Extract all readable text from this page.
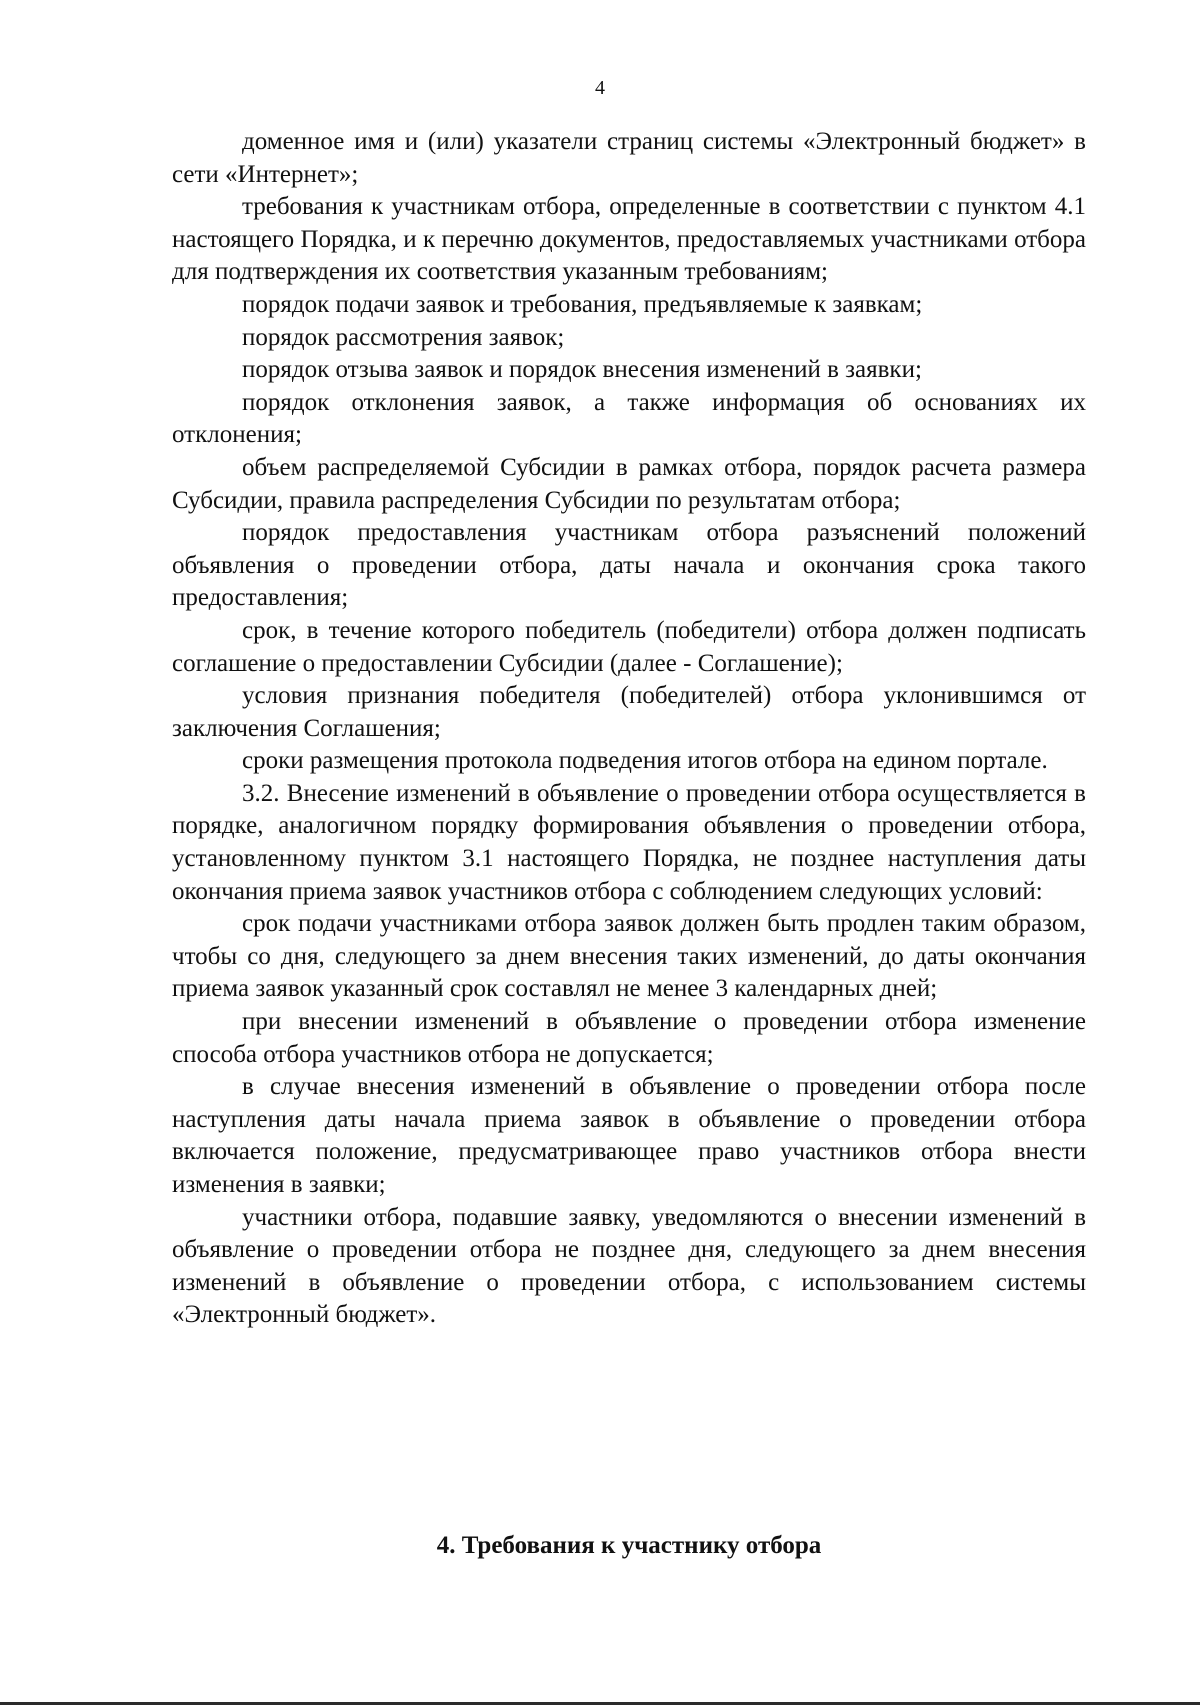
4

доменное имя и (или) указатели страниц системы «Электронный бюджет» в сети «Интернет»;

требования к участникам отбора, определенные в соответствии с пунктом 4.1 настоящего Порядка, и к перечню документов, предоставляемых участниками отбора для подтверждения их соответствия указанным требованиям;

порядок подачи заявок и требования, предъявляемые к заявкам;

порядок рассмотрения заявок;

порядок отзыва заявок и порядок внесения изменений в заявки;

порядок отклонения заявок, а также информация об основаниях их отклонения;

объем распределяемой Субсидии в рамках отбора, порядок расчета размера Субсидии, правила распределения Субсидии по результатам отбора;

порядок предоставления участникам отбора разъяснений положений объявления о проведении отбора, даты начала и окончания срока такого предоставления;

срок, в течение которого победитель (победители) отбора должен подписать соглашение о предоставлении Субсидии (далее - Соглашение);

условия признания победителя (победителей) отбора уклонившимся от заключения Соглашения;

сроки размещения протокола подведения итогов отбора на едином портале.

3.2. Внесение изменений в объявление о проведении отбора осуществляется в порядке, аналогичном порядку формирования объявления о проведении отбора, установленному пунктом 3.1 настоящего Порядка, не позднее наступления даты окончания приема заявок участников отбора с соблюдением следующих условий:

срок подачи участниками отбора заявок должен быть продлен таким образом, чтобы со дня, следующего за днем внесения таких изменений, до даты окончания приема заявок указанный срок составлял не менее 3 календарных дней;

при внесении изменений в объявление о проведении отбора изменение способа отбора участников отбора не допускается;

в случае внесения изменений в объявление о проведении отбора после наступления даты начала приема заявок в объявление о проведении отбора включается положение, предусматривающее право участников отбора внести изменения в заявки;

участники отбора, подавшие заявку, уведомляются о внесении изменений в объявление о проведении отбора не позднее дня, следующего за днем внесения изменений в объявление о проведении отбора, с использованием системы «Электронный бюджет».

4. Требования к участнику отбора
